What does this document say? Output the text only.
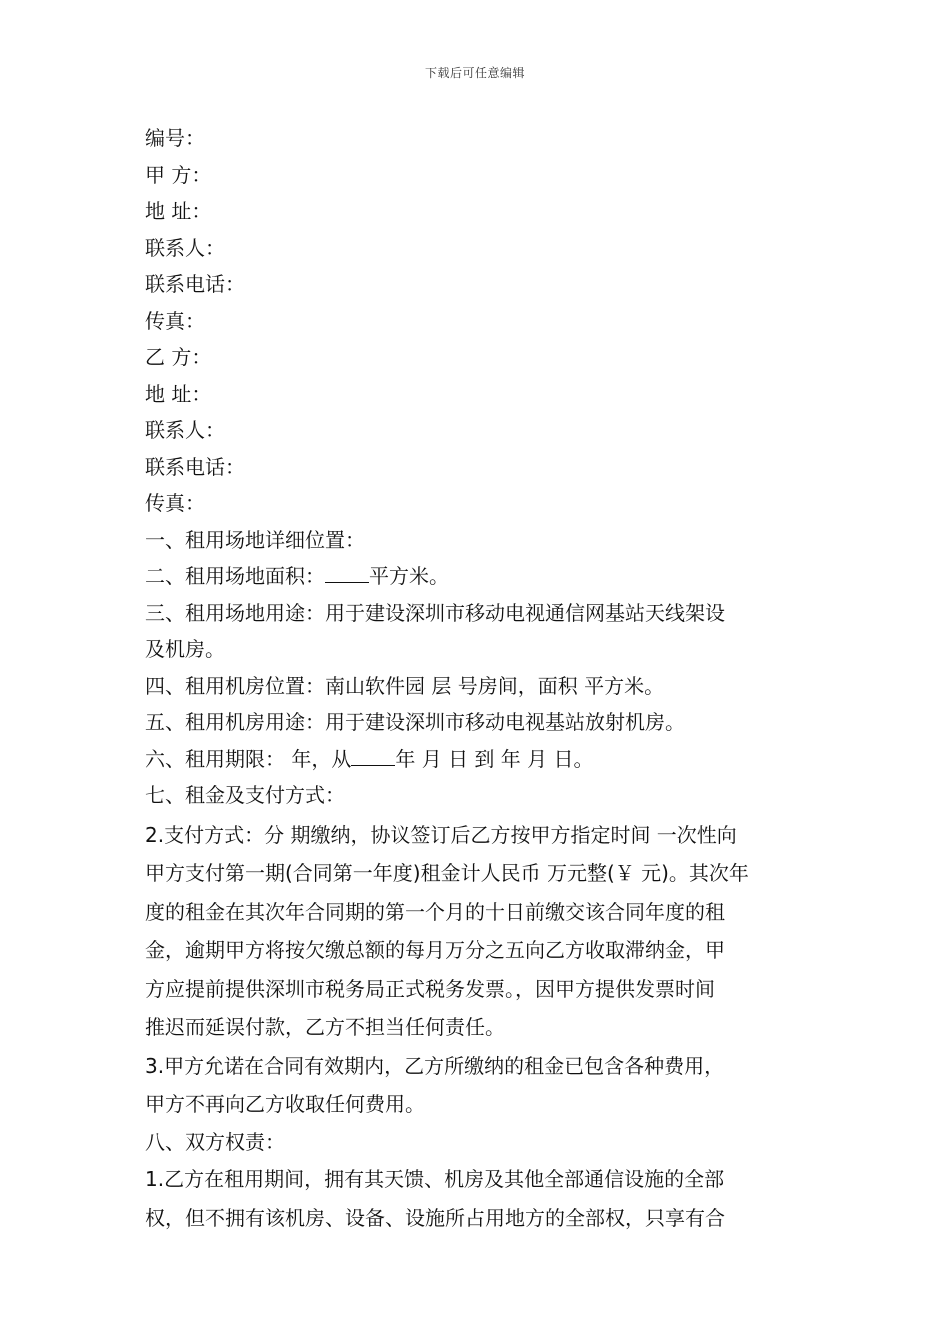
下载后可任意编辑
编号：
甲 方：
地 址：
联系人：
联系电话：
传真：
乙 方：
地 址：
联系人：
联系电话：
传真：
一、租用场地详细位置：
二、租用场地面积： 平方米。
三、租用场地用途：用于建设深圳市移动电视通信网基站天线架设
及机房。
四、租用机房位置：南山软件园 层 号房间，面积 平方米。
五、租用机房用途：用于建设深圳市移动电视基站放射机房。
六、租用期限： 年，从 年 月 日 到 年 月 日。
七、租金及支付方式：
2.支付方式：分 期缴纳，协议签订后乙方按甲方指定时间 一次性向
甲方支付第一期(合同第一年度)租金计人民币 万元整(￥ 元)。其次年
度的租金在其次年合同期的第一个月的十日前缴交该合同年度的租
金，逾期甲方将按欠缴总额的每月万分之五向乙方收取滞纳金，甲
方应提前提供深圳市税务局正式税务发票。，因甲方提供发票时间
推迟而延误付款，乙方不担当任何责任。
3.甲方允诺在合同有效期内，乙方所缴纳的租金已包含各种费用，
甲方不再向乙方收取任何费用。
八、双方权责：
1.乙方在租用期间，拥有其天馈、机房及其他全部通信设施的全部
权，但不拥有该机房、设备、设施所占用地方的全部权，只享有合
